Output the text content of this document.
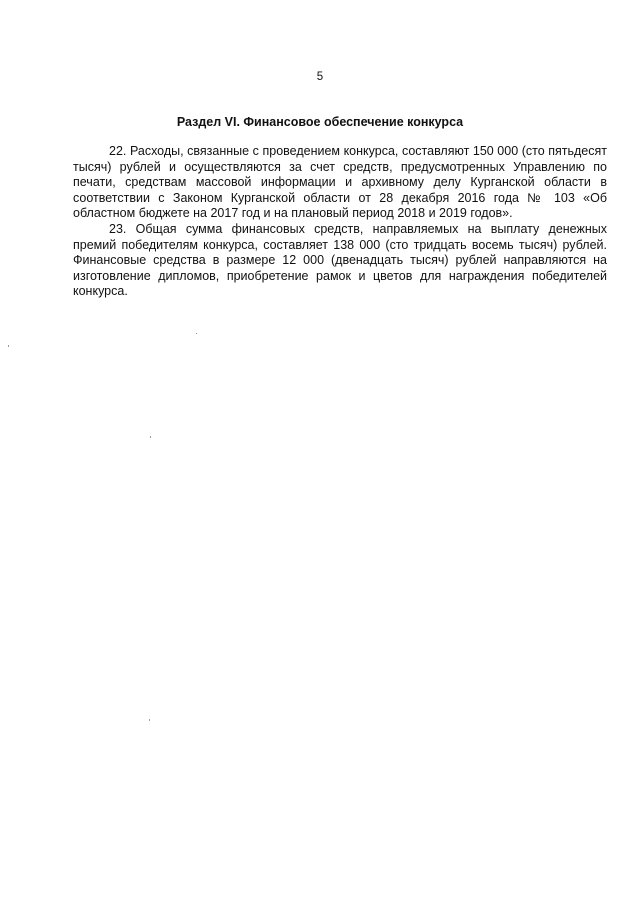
5
Раздел VI. Финансовое обеспечение конкурса

22. Расходы, связанные с проведением конкурса, составляют 150 000 (сто пятьдесят тысяч) рублей и осуществляются за счет средств, предусмотренных Управлению по печати, средствам массовой информации и архивному делу Курганской области в соответствии с Законом Курганской области от 28 декабря 2016 года № 103 «Об областном бюджете на 2017 год и на плановый период 2018 и 2019 годов».

23. Общая сумма финансовых средств, направляемых на выплату денежных премий победителям конкурса, составляет 138 000 (сто тридцать восемь тысяч) рублей. Финансовые средства в размере 12 000 (двенадцать тысяч) рублей направляются на изготовление дипломов, приобретение рамок и цветов для награждения победителей конкурса.
